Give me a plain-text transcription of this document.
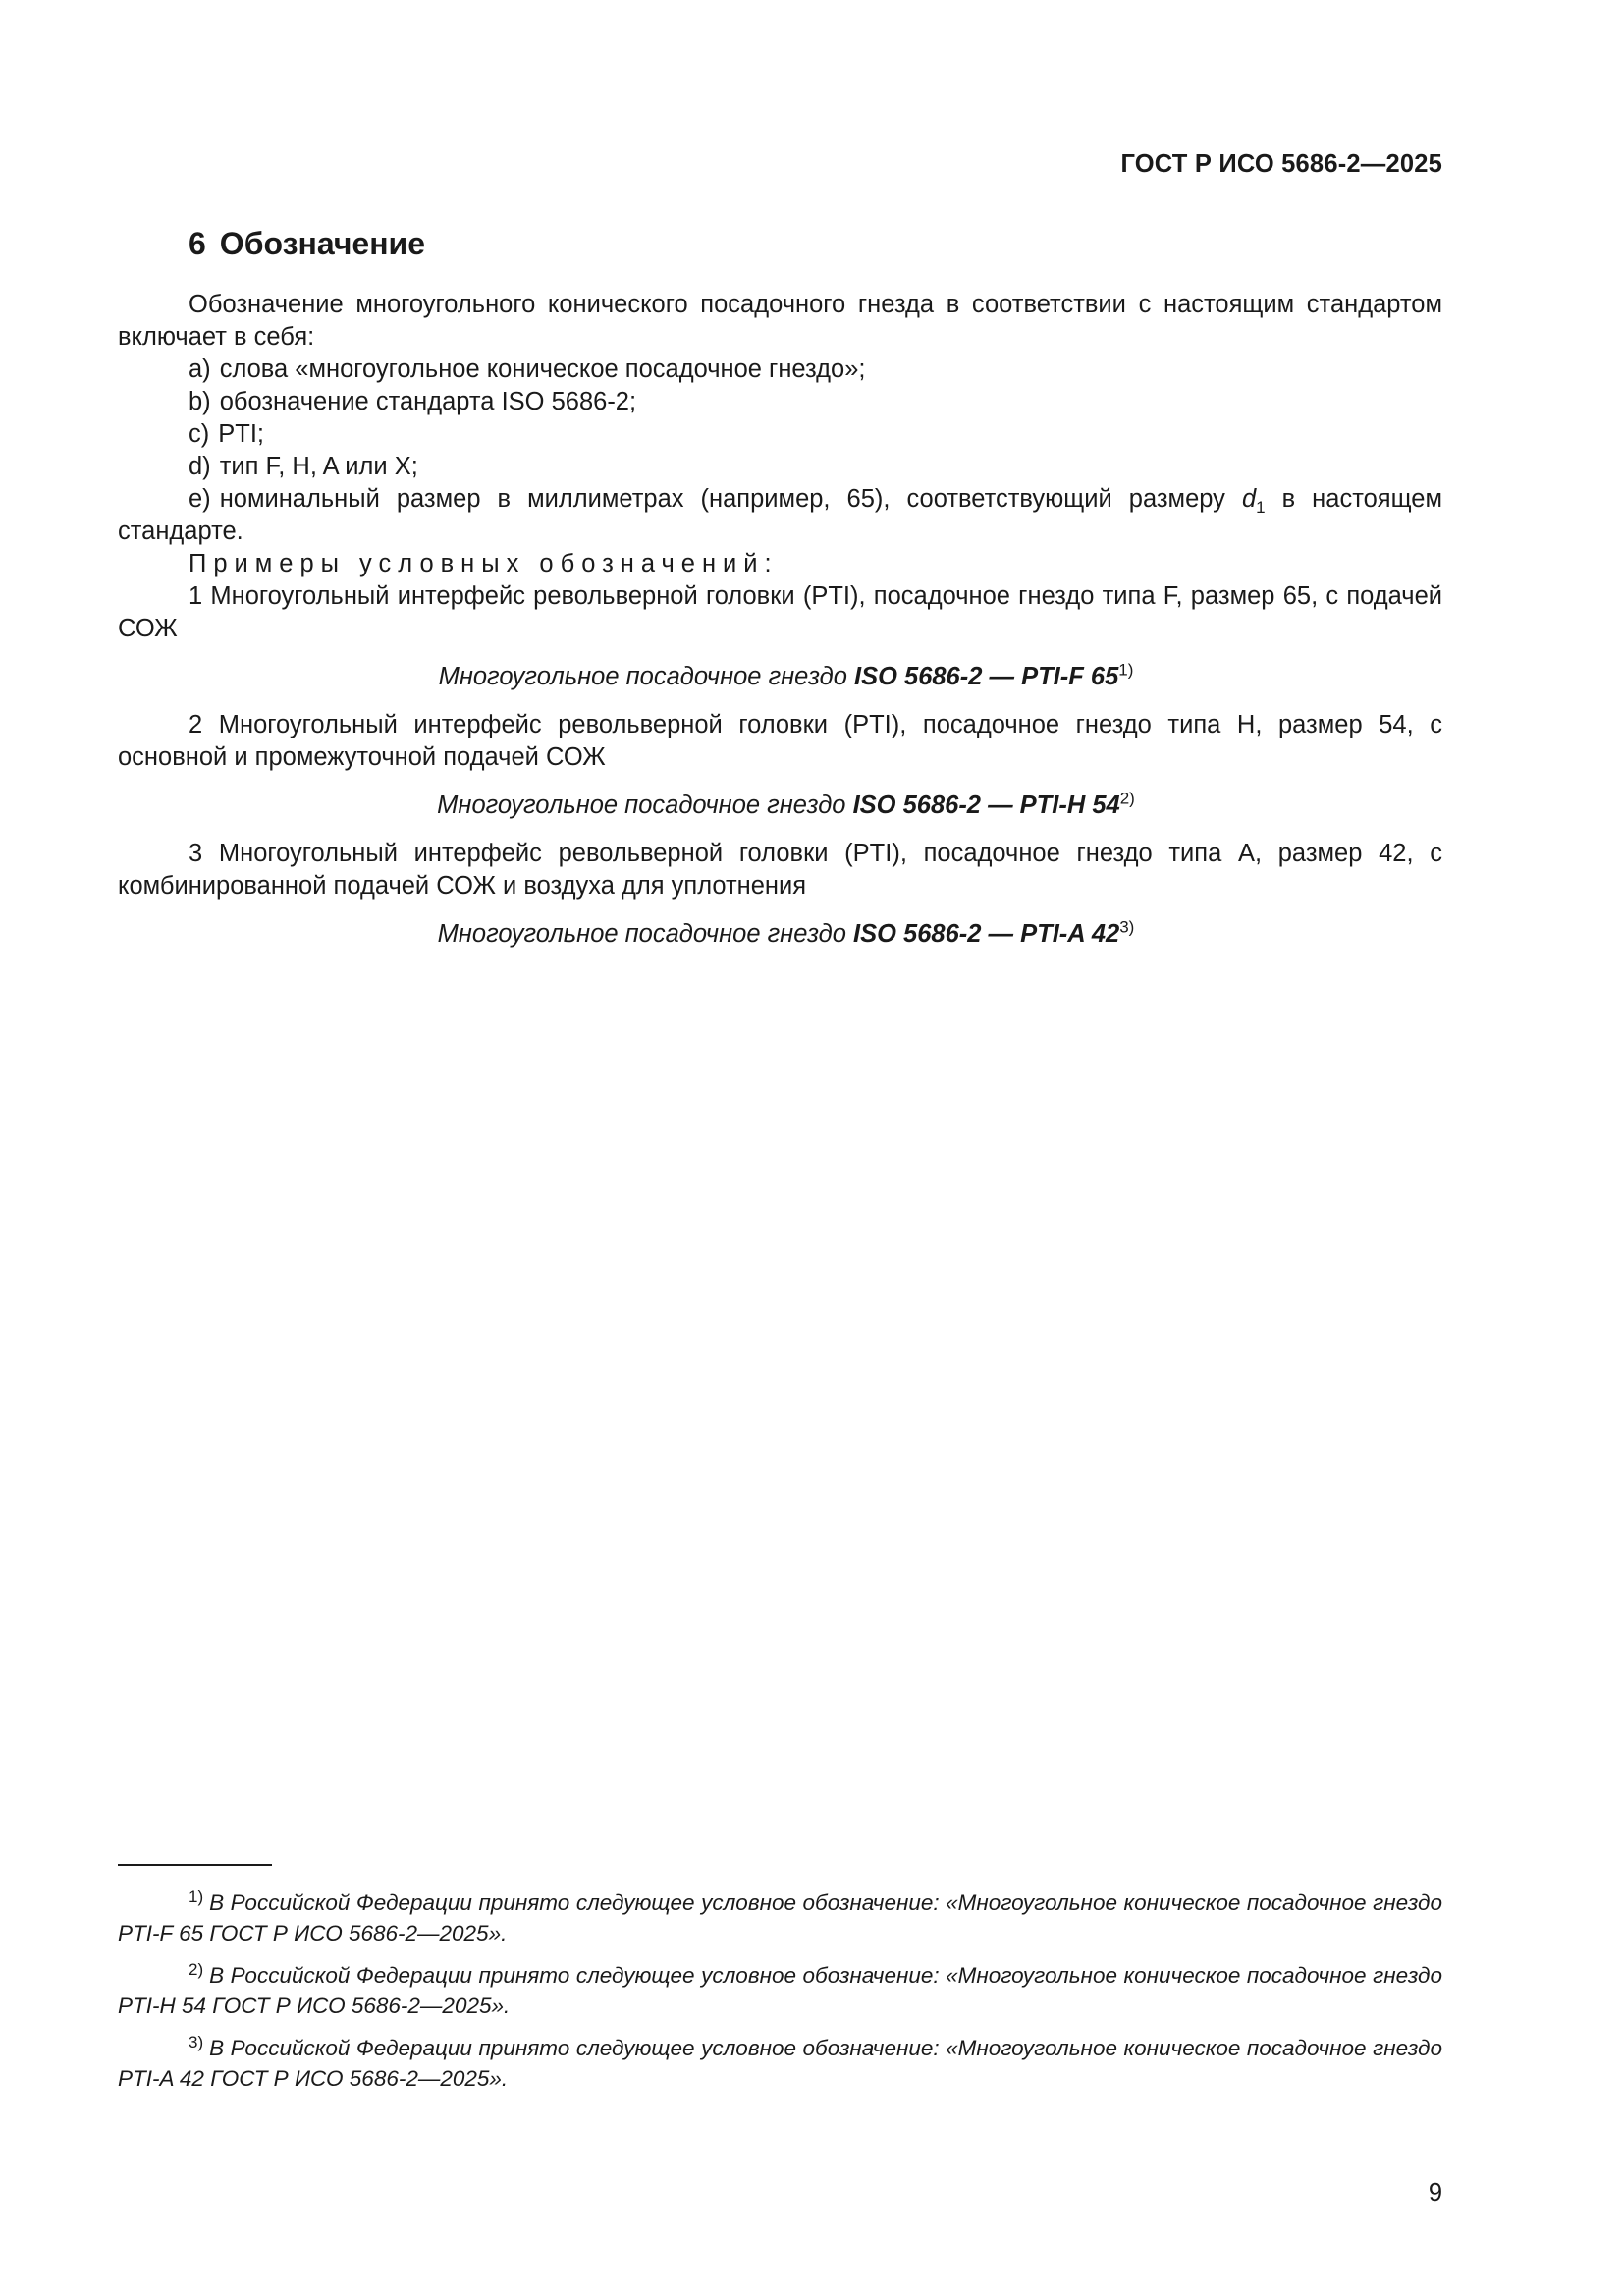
ГОСТ Р ИСО 5686-2—2025
6 Обозначение

Обозначение многоугольного конического посадочного гнезда в соответствии с настоящим стандартом включает в себя:

a) слова «многоугольное коническое посадочное гнездо»;
b) обозначение стандарта ISO 5686-2;
c) PTI;
d) тип F, H, A или X;

e) номинальный размер в миллиметрах (например, 65), соответствующий размеру $d_1$ в настоящем стандарте.

Примеры условных обозначений:

1 Многоугольный интерфейс револьверной головки (PTI), посадочное гнездо типа F, размер 65, с подачей СОЖ

Многоугольное посадочное гнездо ISO 5686-2 — PTI-F 65$^{1)}$

2 Многоугольный интерфейс револьверной головки (PTI), посадочное гнездо типа H, размер 54, с основной и промежуточной подачей СОЖ

Многоугольное посадочное гнездо ISO 5686-2 — PTI-H 54$^{2)}$

3 Многоугольный интерфейс револьверной головки (PTI), посадочное гнездо типа A, размер 42, с комбинированной подачей СОЖ и воздуха для уплотнения

Многоугольное посадочное гнездо ISO 5686-2 — PTI-A 42$^{3)}$

$^{1)}$ В Российской Федерации принято следующее условное обозначение: «Многоугольное коническое посадочное гнездо PTI-F 65 ГОСТ Р ИСО 5686-2—2025».

$^{2)}$ В Российской Федерации принято следующее условное обозначение: «Многоугольное коническое посадочное гнездо PTI-H 54 ГОСТ Р ИСО 5686-2—2025».

$^{3)}$ В Российской Федерации принято следующее условное обозначение: «Многоугольное коническое посадочное гнездо PTI-A 42 ГОСТ Р ИСО 5686-2—2025».

9
